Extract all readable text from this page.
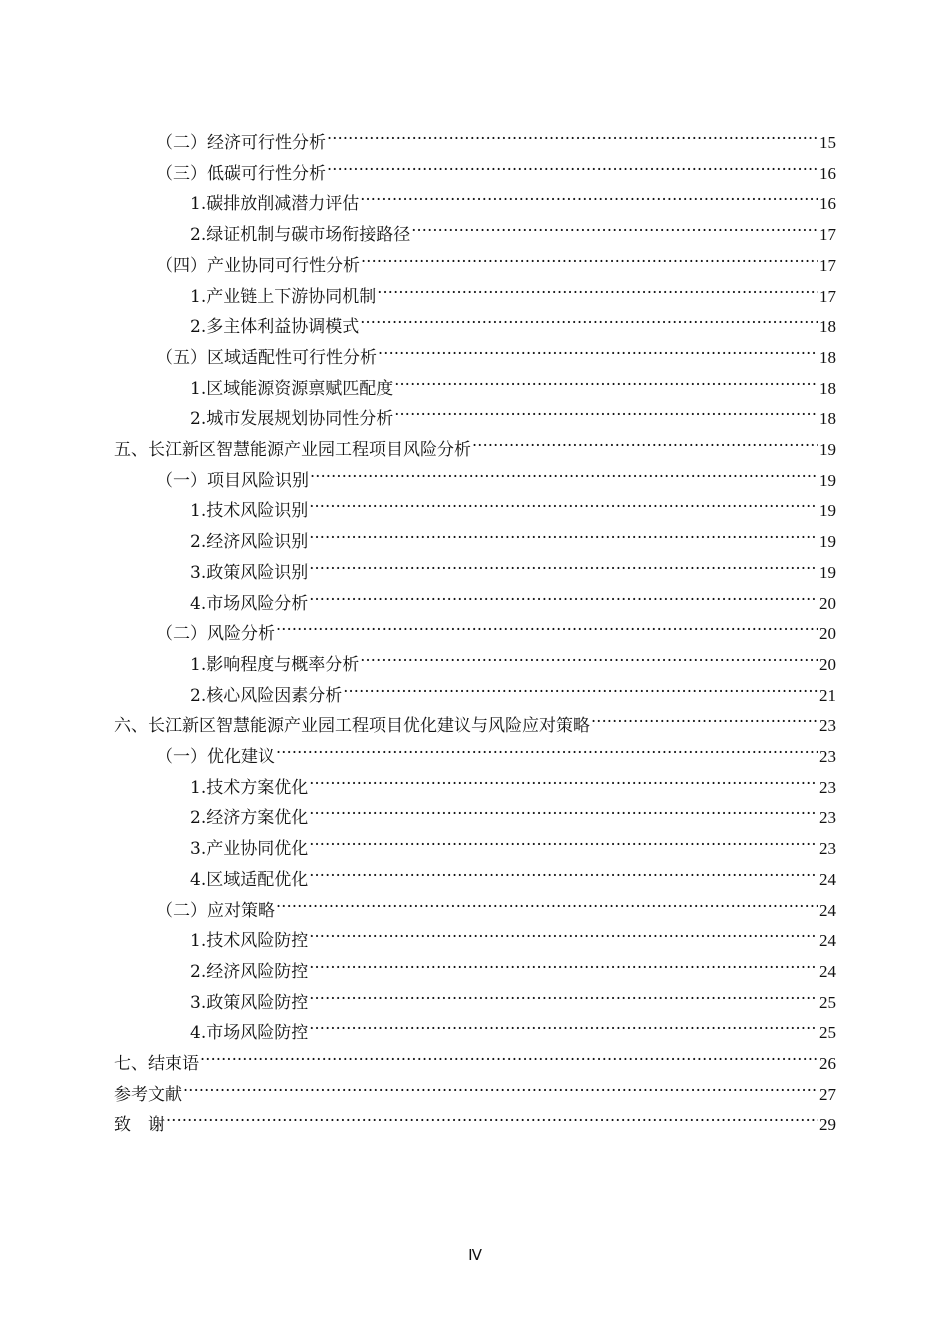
（二）经济可行性分析 .....	15
（三）低碳可行性分析 .....	16
1.碳排放削减潜力评估 .....	16
2.绿证机制与碳市场衔接路径 .....	17
（四）产业协同可行性分析 .....	17
1.产业链上下游协同机制 .....	17
2.多主体利益协调模式 .....	18
（五）区域适配性可行性分析 .....	18
1.区域能源资源禀赋匹配度 .....	18
2.城市发展规划协同性分析 .....	18
五、长江新区智慧能源产业园工程项目风险分析 .....	19
（一）项目风险识别 .....	19
1.技术风险识别 .....	19
2.经济风险识别 .....	19
3.政策风险识别 .....	19
4.市场风险分析 .....	20
（二）风险分析 .....	20
1.影响程度与概率分析 .....	20
2.核心风险因素分析 .....	21
六、长江新区智慧能源产业园工程项目优化建议与风险应对策略 .....	23
（一）优化建议 .....	23
1.技术方案优化 .....	23
2.经济方案优化 .....	23
3.产业协同优化 .....	23
4.区域适配优化 .....	24
（二）应对策略 .....	24
1.技术风险防控 .....	24
2.经济风险防控 .....	24
3.政策风险防控 .....	25
4.市场风险防控 .....	25
七、结束语 .....	26
参考文献 .....	27
致　谢 .....	29
Ⅳ
